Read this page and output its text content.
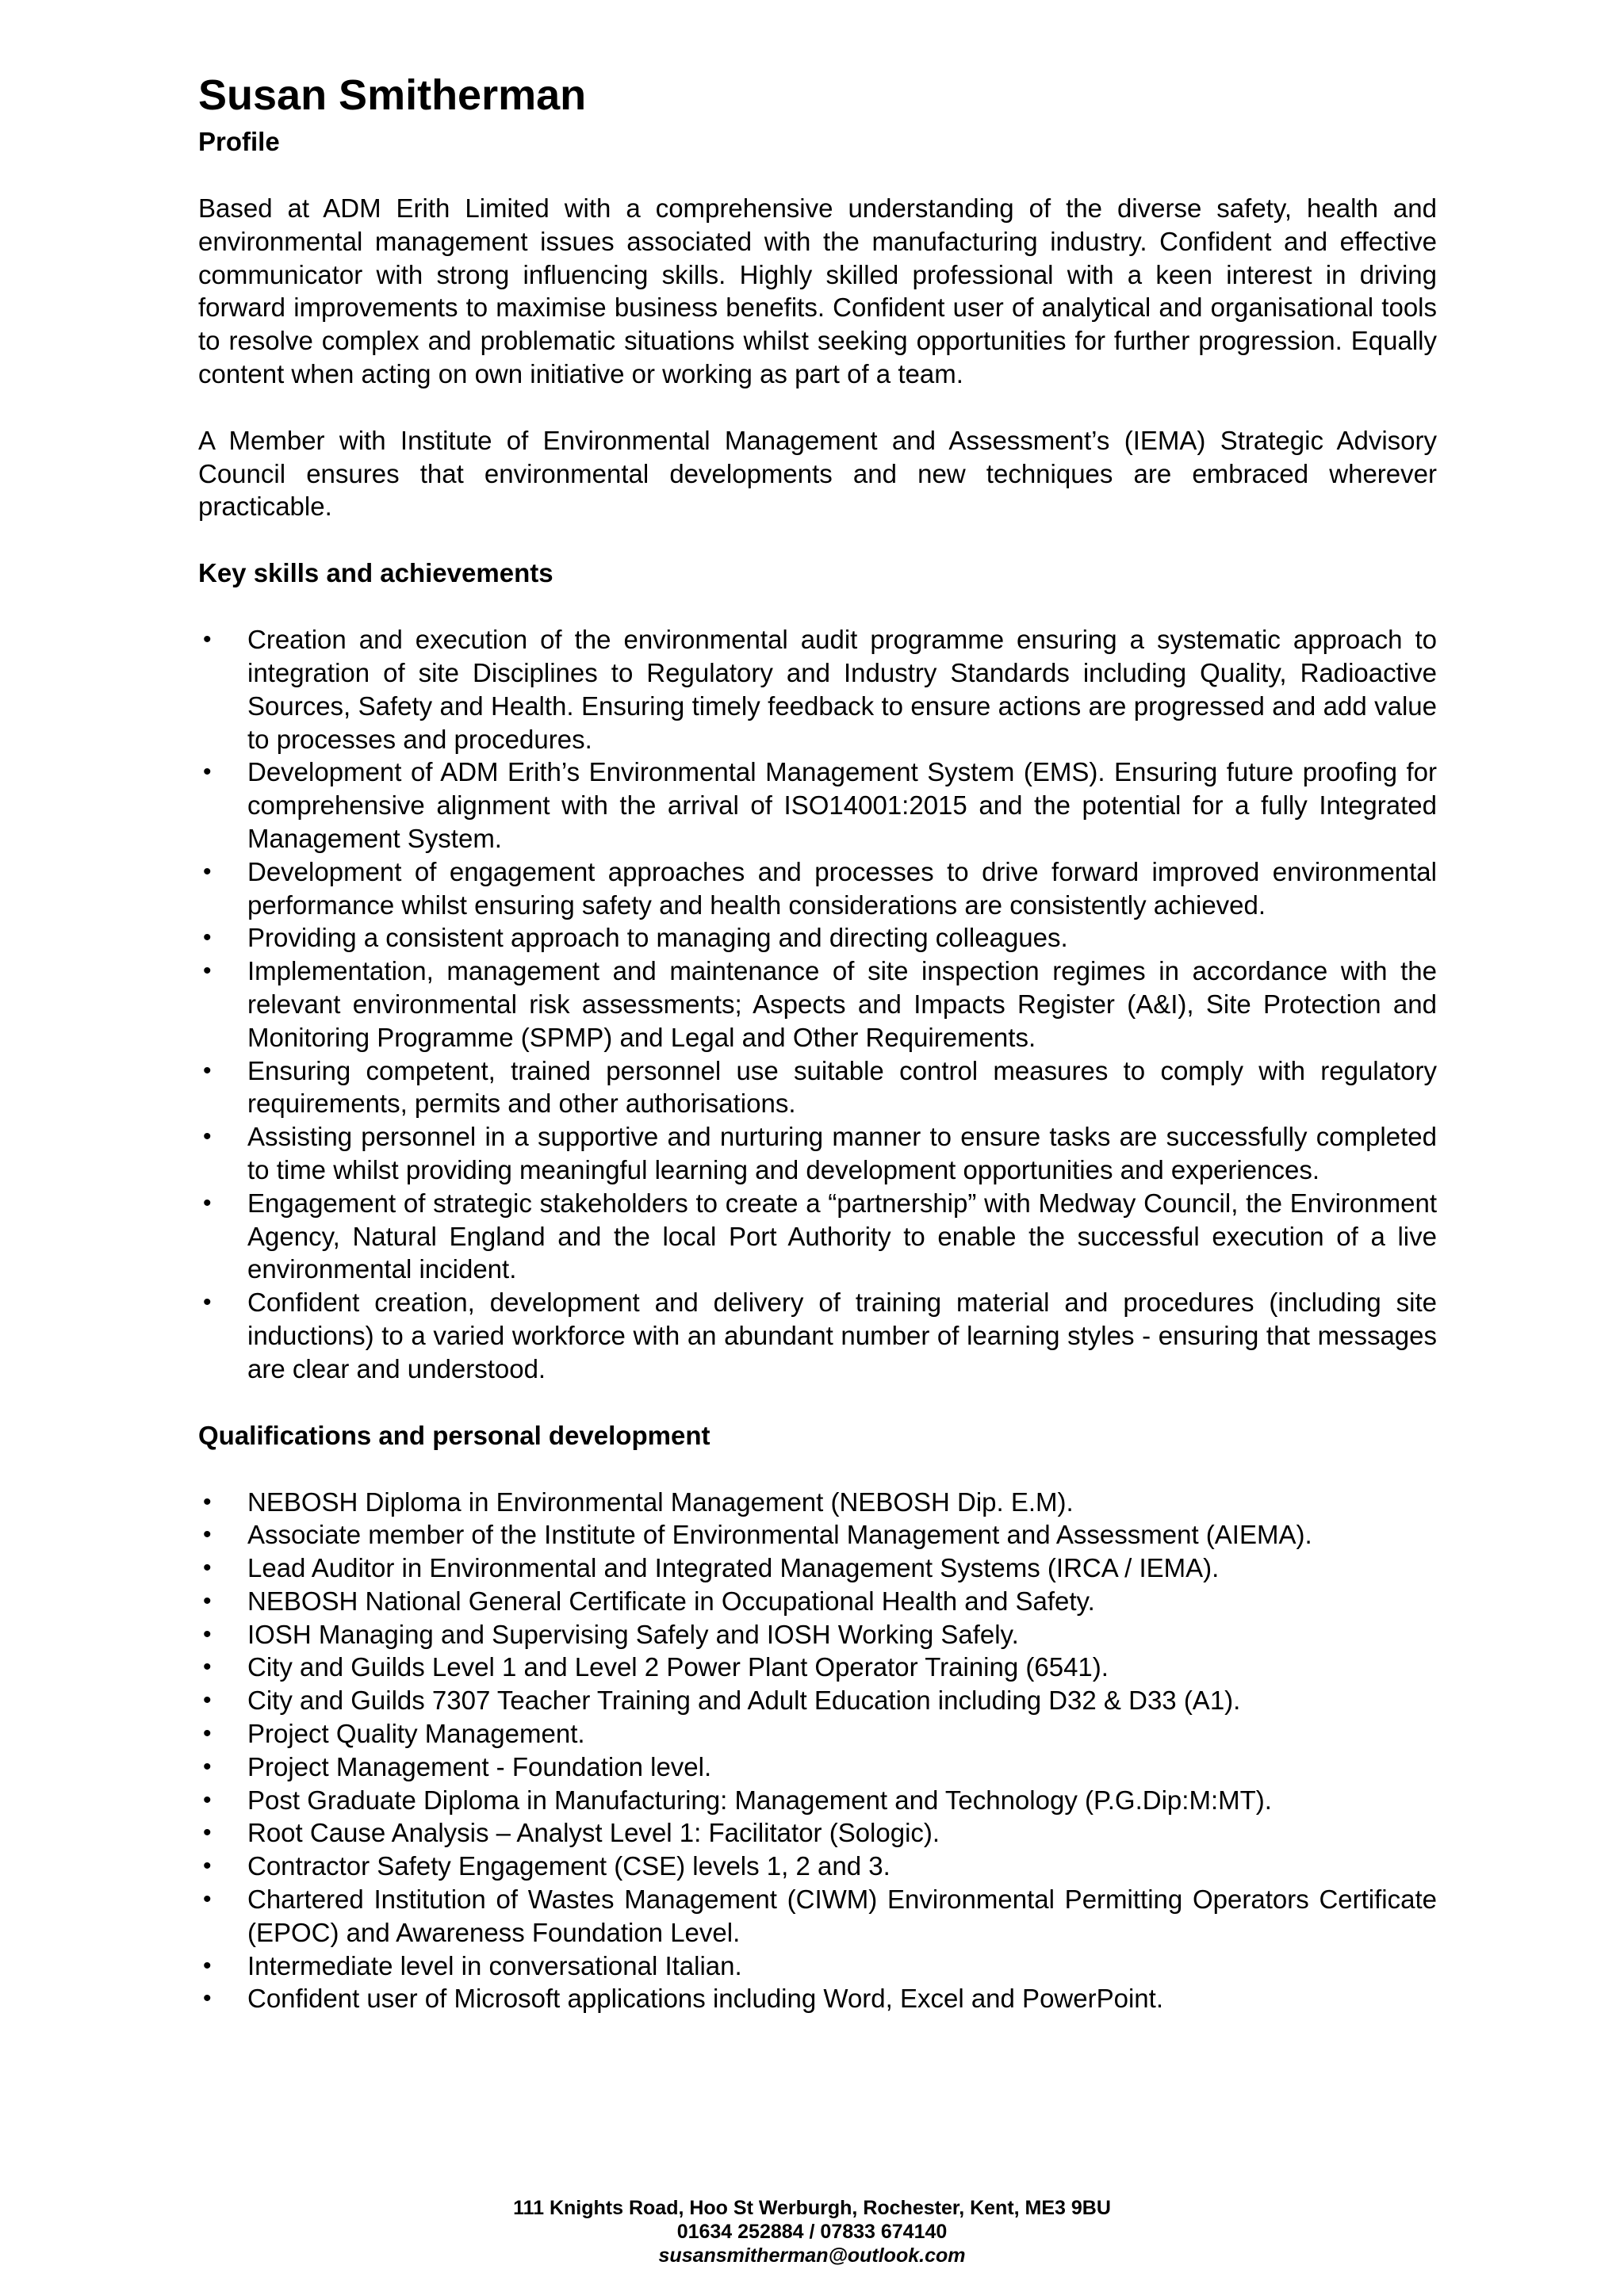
Susan Smitherman
Profile

Based at ADM Erith Limited with a comprehensive understanding of the diverse safety, health and environmental management issues associated with the manufacturing industry. Confident and effective communicator with strong influencing skills. Highly skilled professional with a keen interest in driving forward improvements to maximise business benefits. Confident user of analytical and organisational tools to resolve complex and problematic situations whilst seeking opportunities for further progression. Equally content when acting on own initiative or working as part of a team.

A Member with Institute of Environmental Management and Assessment’s (IEMA) Strategic Advisory Council ensures that environmental developments and new techniques are embraced wherever practicable.

Key skills and achievements
• Creation and execution of the environmental audit programme ensuring a systematic approach to integration of site Disciplines to Regulatory and Industry Standards including Quality, Radioactive Sources, Safety and Health. Ensuring timely feedback to ensure actions are progressed and add value to processes and procedures.
• Development of ADM Erith’s Environmental Management System (EMS). Ensuring future proofing for comprehensive alignment with the arrival of ISO14001:2015 and the potential for a fully Integrated Management System.
• Development of engagement approaches and processes to drive forward improved environmental performance whilst ensuring safety and health considerations are consistently achieved.
• Providing a consistent approach to managing and directing colleagues.
• Implementation, management and maintenance of site inspection regimes in accordance with the relevant environmental risk assessments; Aspects and Impacts Register (A&I), Site Protection and Monitoring Programme (SPMP) and Legal and Other Requirements.
• Ensuring competent, trained personnel use suitable control measures to comply with regulatory requirements, permits and other authorisations.
• Assisting personnel in a supportive and nurturing manner to ensure tasks are successfully completed to time whilst providing meaningful learning and development opportunities and experiences.
• Engagement of strategic stakeholders to create a “partnership” with Medway Council, the Environment Agency, Natural England and the local Port Authority to enable the successful execution of a live environmental incident.
• Confident creation, development and delivery of training material and procedures (including site inductions) to a varied workforce with an abundant number of learning styles - ensuring that messages are clear and understood.
Qualifications and personal development
• NEBOSH Diploma in Environmental Management (NEBOSH Dip. E.M).
• Associate member of the Institute of Environmental Management and Assessment (AIEMA).
• Lead Auditor in Environmental and Integrated Management Systems (IRCA / IEMA).
• NEBOSH National General Certificate in Occupational Health and Safety.
• IOSH Managing and Supervising Safely and IOSH Working Safely.
• City and Guilds Level 1 and Level 2 Power Plant Operator Training (6541).
• City and Guilds 7307 Teacher Training and Adult Education including D32 & D33 (A1).
• Project Quality Management.
• Project Management - Foundation level.
• Post Graduate Diploma in Manufacturing: Management and Technology (P.G.Dip:M:MT).
• Root Cause Analysis – Analyst Level 1: Facilitator (Sologic).
• Contractor Safety Engagement (CSE) levels 1, 2 and 3.
• Chartered Institution of Wastes Management (CIWM) Environmental Permitting Operators Certificate (EPOC) and Awareness Foundation Level.
• Intermediate level in conversational Italian.
• Confident user of Microsoft applications including Word, Excel and PowerPoint.
111 Knights Road, Hoo St Werburgh, Rochester, Kent, ME3 9BU
01634 252884 / 07833 674140
susansmitherman@outlook.com
